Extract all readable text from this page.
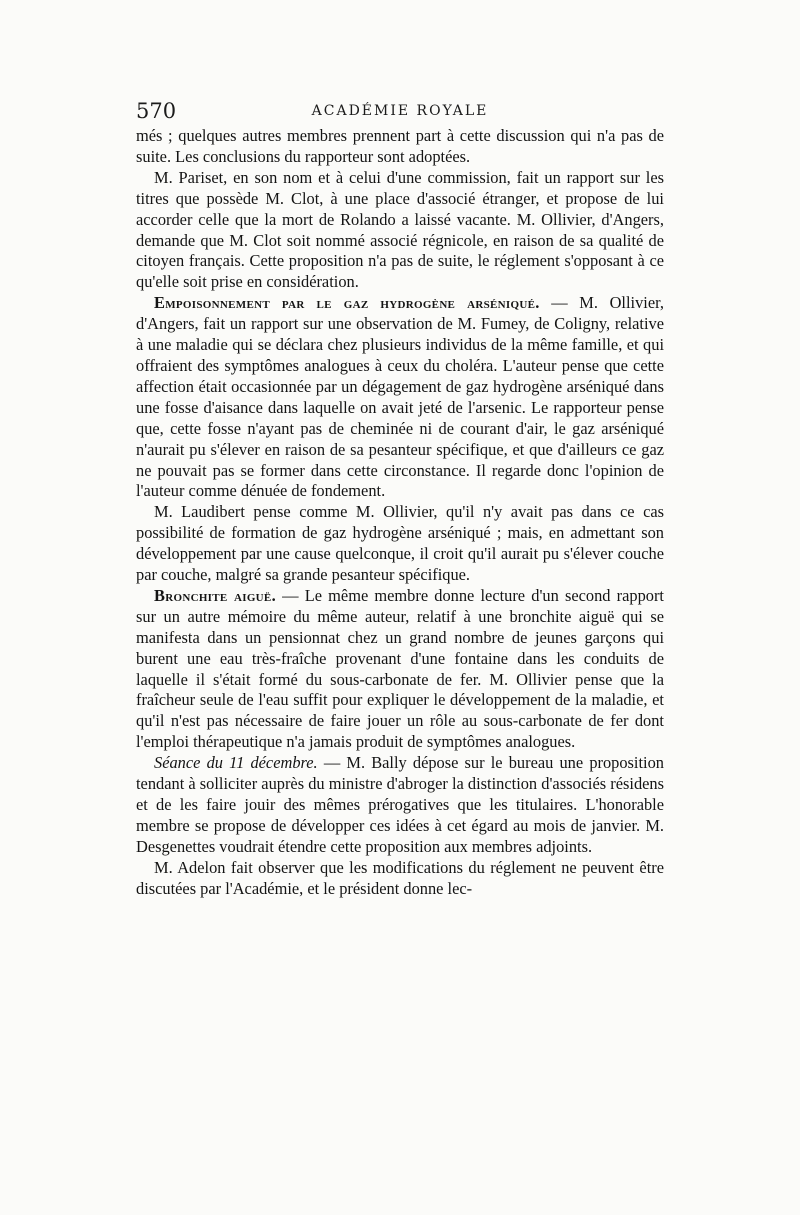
570	ACADÉMIE ROYALE

més ; quelques autres membres prennent part à cette discussion qui n'a pas de suite. Les conclusions du rapporteur sont adoptées.

M. Pariset, en son nom et à celui d'une commission, fait un rapport sur les titres que possède M. Clot, à une place d'associé étranger, et propose de lui accorder celle que la mort de Rolando a laissé vacante. M. Ollivier, d'Angers, demande que M. Clot soit nommé associé régnicole, en raison de sa qualité de citoyen français. Cette proposition n'a pas de suite, le réglement s'opposant à ce qu'elle soit prise en considération.

Empoisonnement par le gaz hydrogène arséniqué. — M. Ollivier, d'Angers, fait un rapport sur une observation de M. Fumey, de Coligny, relative à une maladie qui se déclara chez plusieurs individus de la même famille, et qui offraient des symptômes analogues à ceux du choléra. L'auteur pense que cette affection était occasionnée par un dégagement de gaz hydrogène arséniqué dans une fosse d'aisance dans laquelle on avait jeté de l'arsenic. Le rapporteur pense que, cette fosse n'ayant pas de cheminée ni de courant d'air, le gaz arséniqué n'aurait pu s'élever en raison de sa pesanteur spécifique, et que d'ailleurs ce gaz ne pouvait pas se former dans cette circonstance. Il regarde donc l'opinion de l'auteur comme dénuée de fondement.

M. Laudibert pense comme M. Ollivier, qu'il n'y avait pas dans ce cas possibilité de formation de gaz hydrogène arséniqué ; mais, en admettant son développement par une cause quelconque, il croit qu'il aurait pu s'élever couche par couche, malgré sa grande pesanteur spécifique.

Bronchite aiguë. — Le même membre donne lecture d'un second rapport sur un autre mémoire du même auteur, relatif à une bronchite aiguë qui se manifesta dans un pensionnat chez un grand nombre de jeunes garçons qui burent une eau très-fraîche provenant d'une fontaine dans les conduits de laquelle il s'était formé du sous-carbonate de fer. M. Ollivier pense que la fraîcheur seule de l'eau suffit pour expliquer le développement de la maladie, et qu'il n'est pas nécessaire de faire jouer un rôle au sous-carbonate de fer dont l'emploi thérapeutique n'a jamais produit de symptômes analogues.

Séance du 11 décembre. — M. Bally dépose sur le bureau une proposition tendant à solliciter auprès du ministre d'abroger la distinction d'associés résidens et de les faire jouir des mêmes prérogatives que les titulaires. L'honorable membre se propose de développer ces idées à cet égard au mois de janvier. M. Desgenettes voudrait étendre cette proposition aux membres adjoints.

M. Adelon fait observer que les modifications du réglement ne peuvent être discutées par l'Académie, et le président donne lec-
